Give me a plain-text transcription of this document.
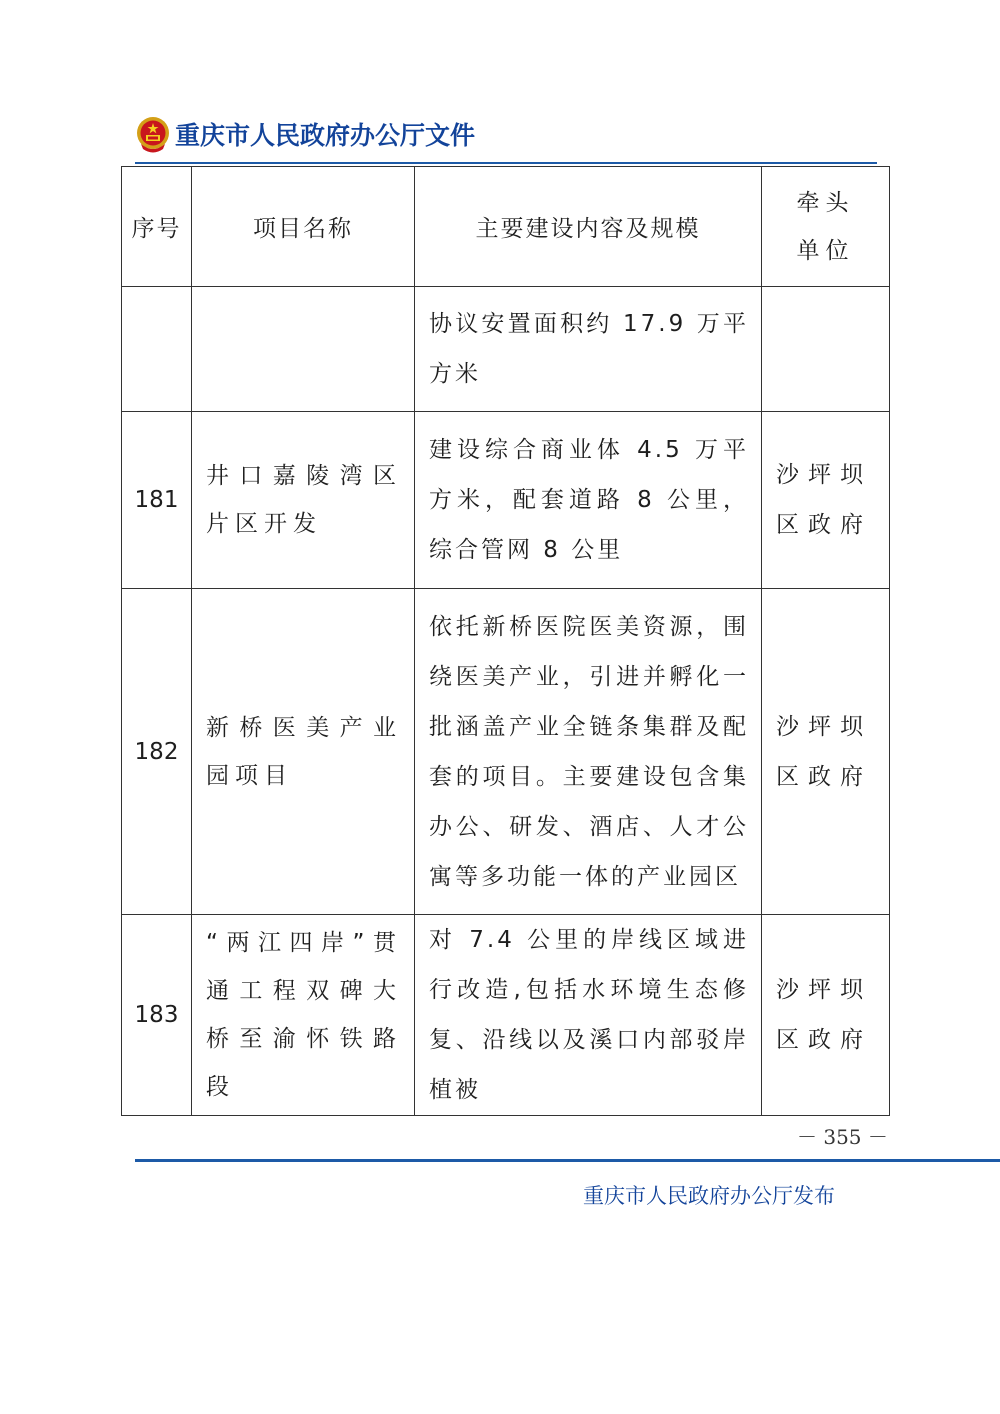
重庆市人民政府办公厅文件
序号	项目名称	主要建设内容及规模	牵头单位
		协议安置面积约 17.9 万平方米	
181	井口嘉陵湾区片区开发	建设综合商业体 4.5 万平方米，配套道路 8 公里，综合管网 8 公里	沙坪坝区政府
182	新桥医美产业园项目	依托新桥医院医美资源，围绕医美产业，引进并孵化一批涵盖产业全链条集群及配套的项目。主要建设包含集办公、研发、酒店、人才公寓等多功能一体的产业园区	沙坪坝区政府
183	“两江四岸”贯通工程双碑大桥至渝怀铁路段	对 7.4 公里的岸线区域进行改造,包括水环境生态修复、沿线以及溪口内部驳岸植被	沙坪坝区政府
－ 355 －
重庆市人民政府办公厅发布
